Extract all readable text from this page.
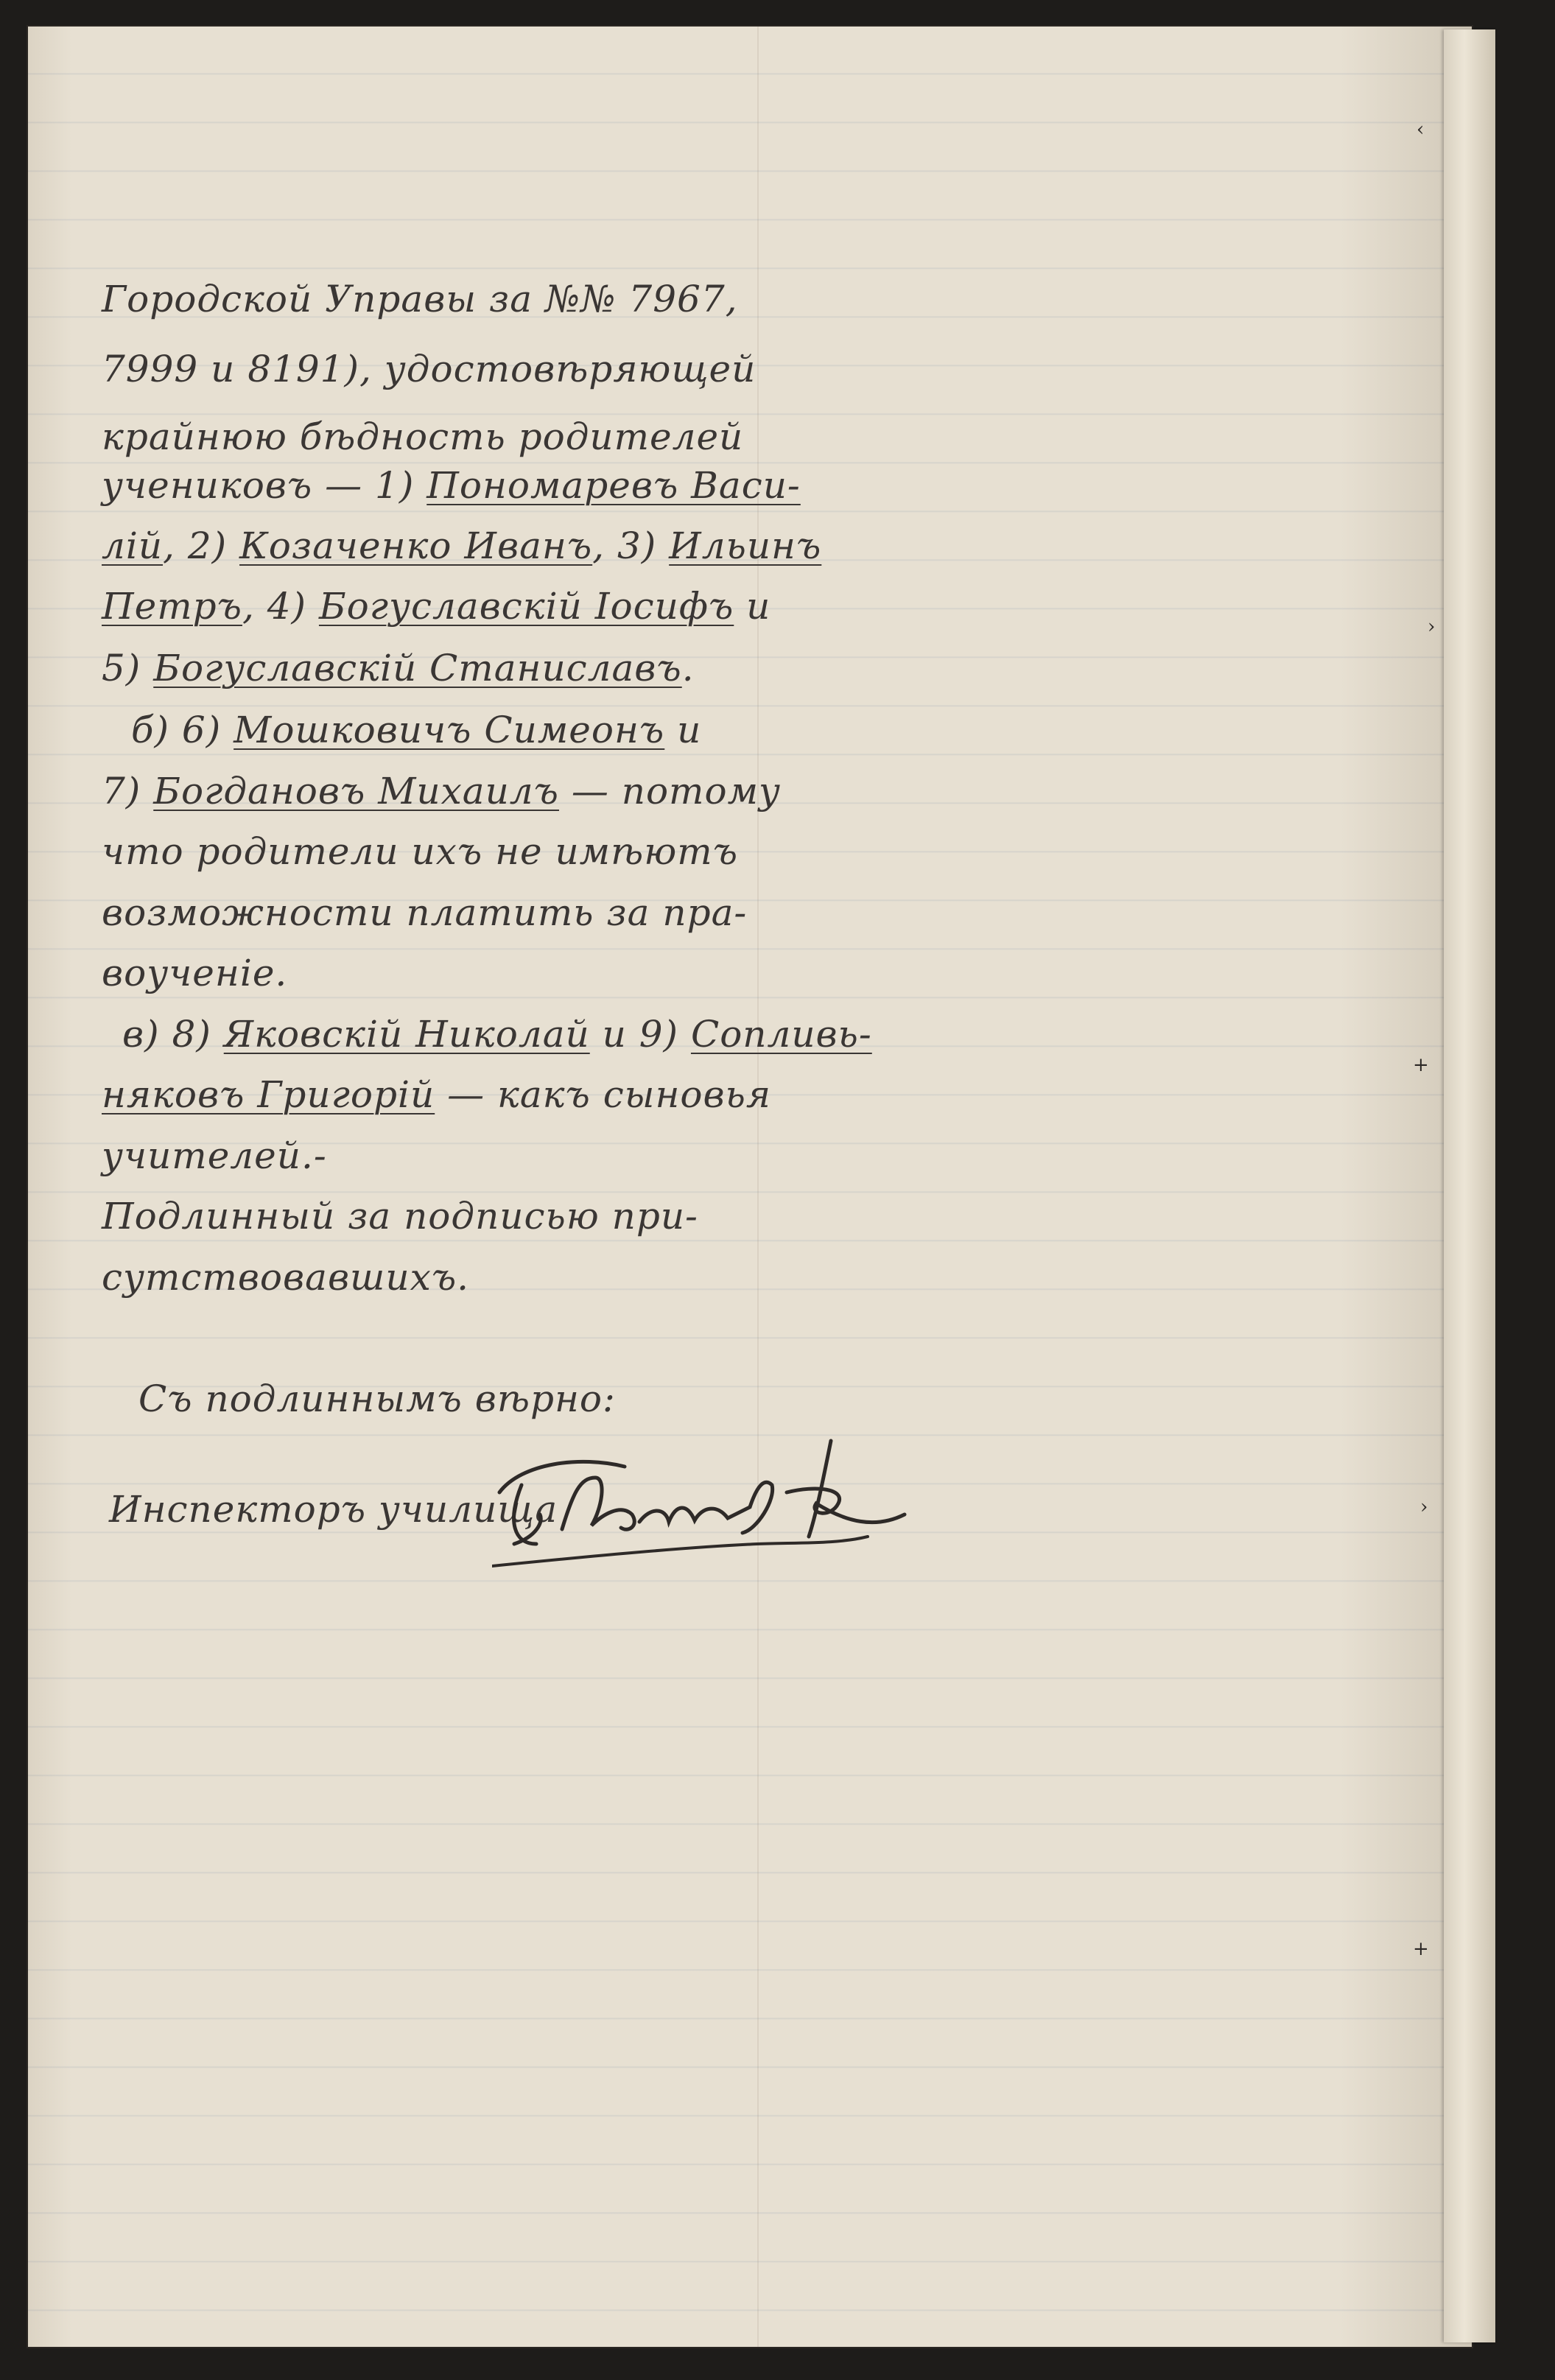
Городской Управы за №№ 7967,
7999 и 8191), удостовѣряющей
крайнюю бѣдность родителей
учениковъ — 1) Пономаревъ Васи-
лій, 2) Козаченко Иванъ, 3) Ильинъ
Петръ, 4) Богуславскій Іосифъ и
5) Богуславскій Станиславъ.
б) 6) Мошковичъ Симеонъ и
7) Богдановъ Михаилъ — потому
что родители ихъ не имѣютъ
возможности платить за пра-
воученіе.
в) 8) Яковскій Николай и 9) Сопливь-
няковъ Григорій — какъ сыновья
учителей.-
Подлинный за подписью при-
сутствовавшихъ.
Съ подлиннымъ вѣрно:
Инспекторъ училища
‹
›
+
›
+
